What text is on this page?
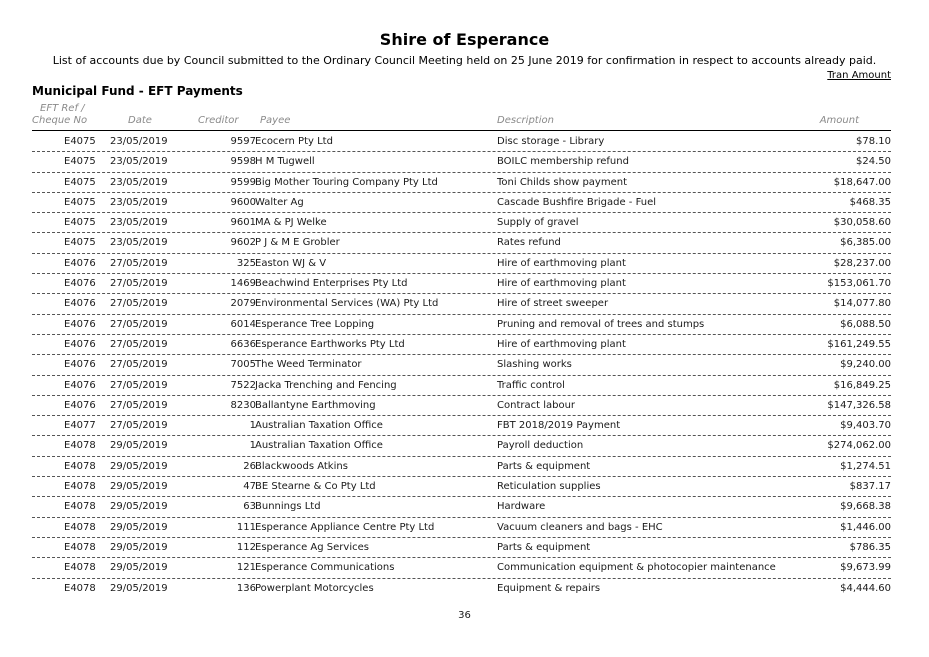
Shire of Esperance
List of accounts due by Council submitted to the Ordinary Council Meeting held on 25 June 2019 for confirmation in respect to accounts already paid.
Tran Amount
Municipal Fund - EFT Payments
EFT Ref /
Cheque No	Date	Creditor Payee	Description	Amount
E4075 23/05/2019	9597 Ecocern Pty Ltd	Disc storage - Library	$78.10
E4075 23/05/2019	9598 H M Tugwell	BOILC membership refund	$24.50
E4075 23/05/2019	9599 Big Mother Touring Company Pty Ltd	Toni Childs show payment	$18,647.00
E4075 23/05/2019	9600 Walter Ag	Cascade Bushfire Brigade - Fuel	$468.35
E4075 23/05/2019	9601 MA & PJ Welke	Supply of gravel	$30,058.60
E4075 23/05/2019	9602 P J & M E Grobler	Rates refund	$6,385.00
E4076 27/05/2019	325 Easton WJ & V	Hire of earthmoving plant	$28,237.00
E4076 27/05/2019	1469 Beachwind Enterprises Pty Ltd	Hire of earthmoving plant	$153,061.70
E4076 27/05/2019	2079 Environmental Services (WA) Pty Ltd	Hire of street sweeper	$14,077.80
E4076 27/05/2019	6014 Esperance Tree Lopping	Pruning and removal of trees and stumps	$6,088.50
E4076 27/05/2019	6636 Esperance Earthworks Pty Ltd	Hire of earthmoving plant	$161,249.55
E4076 27/05/2019	7005 The Weed Terminator	Slashing works	$9,240.00
E4076 27/05/2019	7522 Jacka Trenching and Fencing	Traffic control	$16,849.25
E4076 27/05/2019	8230 Ballantyne Earthmoving	Contract labour	$147,326.58
E4077 27/05/2019	1 Australian Taxation Office	FBT 2018/2019 Payment	$9,403.70
E4078 29/05/2019	1 Australian Taxation Office	Payroll deduction	$274,062.00
E4078 29/05/2019	26 Blackwoods Atkins	Parts & equipment	$1,274.51
E4078 29/05/2019	47 BE Stearne & Co Pty Ltd	Reticulation supplies	$837.17
E4078 29/05/2019	63 Bunnings Ltd	Hardware	$9,668.38
E4078 29/05/2019	111 Esperance Appliance Centre Pty Ltd	Vacuum cleaners and bags - EHC	$1,446.00
E4078 29/05/2019	112 Esperance Ag Services	Parts & equipment	$786.35
E4078 29/05/2019	121 Esperance Communications	Communication equipment & photocopier maintenance	$9,673.99
E4078 29/05/2019	136 Powerplant Motorcycles	Equipment & repairs	$4,444.60
36
